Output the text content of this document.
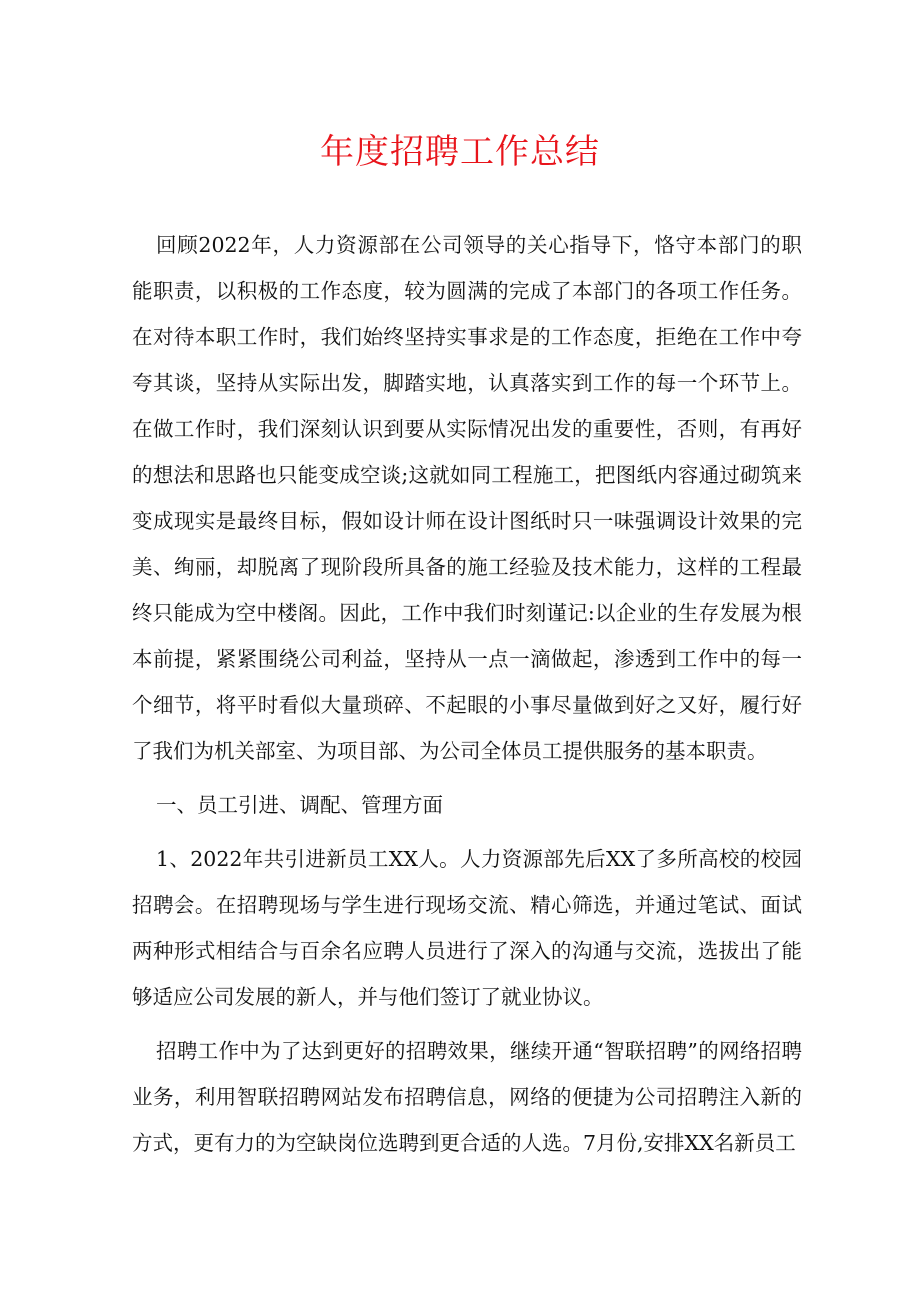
年度招聘工作总结

回顾2022年，人力资源部在公司领导的关心指导下，恪守本部门的职能职责，以积极的工作态度，较为圆满的完成了本部门的各项工作任务。在对待本职工作时，我们始终坚持实事求是的工作态度，拒绝在工作中夸夸其谈，坚持从实际出发，脚踏实地，认真落实到工作的每一个环节上。在做工作时，我们深刻认识到要从实际情况出发的重要性，否则，有再好的想法和思路也只能变成空谈;这就如同工程施工，把图纸内容通过砌筑来变成现实是最终目标，假如设计师在设计图纸时只一味强调设计效果的完美、绚丽，却脱离了现阶段所具备的施工经验及技术能力，这样的工程最终只能成为空中楼阁。因此，工作中我们时刻谨记:以企业的生存发展为根本前提，紧紧围绕公司利益，坚持从一点一滴做起，渗透到工作中的每一个细节，将平时看似大量琐碎、不起眼的小事尽量做到好之又好，履行好了我们为机关部室、为项目部、为公司全体员工提供服务的基本职责。

一、员工引进、调配、管理方面

1、2022年共引进新员工XX人。人力资源部先后XX了多所高校的校园招聘会。在招聘现场与学生进行现场交流、精心筛选，并通过笔试、面试两种形式相结合与百余名应聘人员进行了深入的沟通与交流，选拔出了能够适应公司发展的新人，并与他们签订了就业协议。

招聘工作中为了达到更好的招聘效果，继续开通“智联招聘”的网络招聘业务，利用智联招聘网站发布招聘信息，网络的便捷为公司招聘注入新的方式，更有力的为空缺岗位选聘到更合适的人选。7月份,安排XX名新员工
